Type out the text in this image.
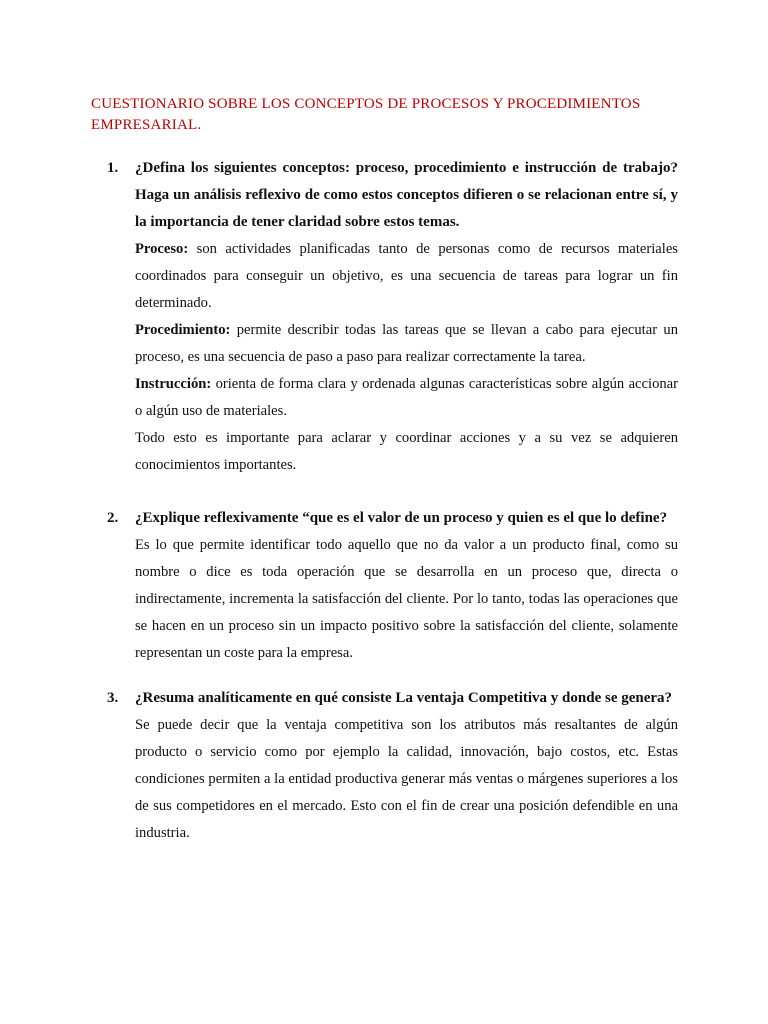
CUESTIONARIO SOBRE LOS CONCEPTOS DE PROCESOS Y PROCEDIMIENTOS EMPRESARIAL.
1. ¿Defina los siguientes conceptos: proceso, procedimiento e instrucción de trabajo? Haga un análisis reflexivo de como estos conceptos difieren o se relacionan entre sí, y la importancia de tener claridad sobre estos temas.

Proceso: son actividades planificadas tanto de personas como de recursos materiales coordinados para conseguir un objetivo, es una secuencia de tareas para lograr un fin determinado.

Procedimiento: permite describir todas las tareas que se llevan a cabo para ejecutar un proceso, es una secuencia de paso a paso para realizar correctamente la tarea.

Instrucción: orienta de forma clara y ordenada algunas características sobre algún accionar o algún uso de materiales.

Todo esto es importante para aclarar y coordinar acciones y a su vez se adquieren conocimientos importantes.

2. ¿Explique reflexivamente “que es el valor de un proceso y quien es el que lo define?

Es lo que permite identificar todo aquello que no da valor a un producto final, como su nombre o dice es toda operación que se desarrolla en un proceso que, directa o indirectamente, incrementa la satisfacción del cliente. Por lo tanto, todas las operaciones que se hacen en un proceso sin un impacto positivo sobre la satisfacción del cliente, solamente representan un coste para la empresa.

3. ¿Resuma analíticamente en qué consiste La ventaja Competitiva y donde se genera?

Se puede decir que la ventaja competitiva son los atributos más resaltantes de algún producto o servicio como por ejemplo la calidad, innovación, bajo costos, etc. Estas condiciones permiten a la entidad productiva generar más ventas o márgenes superiores a los de sus competidores en el mercado. Esto con el fin de crear una posición defendible en una industria.
